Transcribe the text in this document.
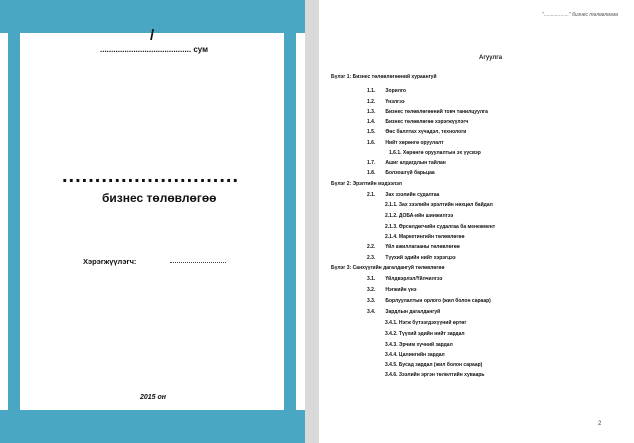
/
......................................... сум
...........................
бизнес төлөвлөгөө
Хэрэгжүүлэгч:
2015 он
".................." бизнес төлөвлөгөө
Агуулга
Бүлэг 1: Бизнес төлөвлөгөөний хураангуй
1.1. Зорилго
1.2. Үнэлгээ
1.3. Бизнес төлөвлөгөөний товч танилцуулга
1.4. Бизнес төлөвлөгөө хэрэгжүүлэгч
1.5. Өөс баллтах хүчадэл, технологи
1.6. Нийт хөрөнгө оруулалт
1.6.1. Хөрөнгө оруулалтын эх үүсвэр
1.7. Ашиг алдагдлын тайлан
1.8. Болзошгүй барьцаа
Бүлэг 2: Эрэлтийн мэдээлэл
2.1. Зах зээлийн судалгаа
2.1.1. Зах зээлийн эрэлтийн нөхцөл байдал
2.1.2. ДОБА-ийн шинжилгээ
2.1.3. Өрсөлдөгчийн судалгаа ба менежмент
2.1.4. Маркетингийн төлөвлөгөө
2.2. Үйл ажиллагааны төлөвлөгөө
2.3. Түүхий эдийн нийт хэрэгцээ
Бүлэг 3: Санхүүгийн дагалдангуй төлөвлөгөө
3.1. Үйлдвэрлэл/Үйлчилгээ
3.2. Нэгжийн үнэ
3.3. Борлуулалтын орлого (жил болон сараар)
3.4. Зардлын дагалдангуй
3.4.1. Нэгж бүтээгдэхүүний өртөг
3.4.2. Түүхий эдийн нийт зардал
3.4.3. Эрчим хүчний зардал
3.4.4. Цалингийн зардал
3.4.5. Бусад зардал (жил болон сараар)
3.4.6. Зээлийн эргэн төлөлтийн хуваарь
2
